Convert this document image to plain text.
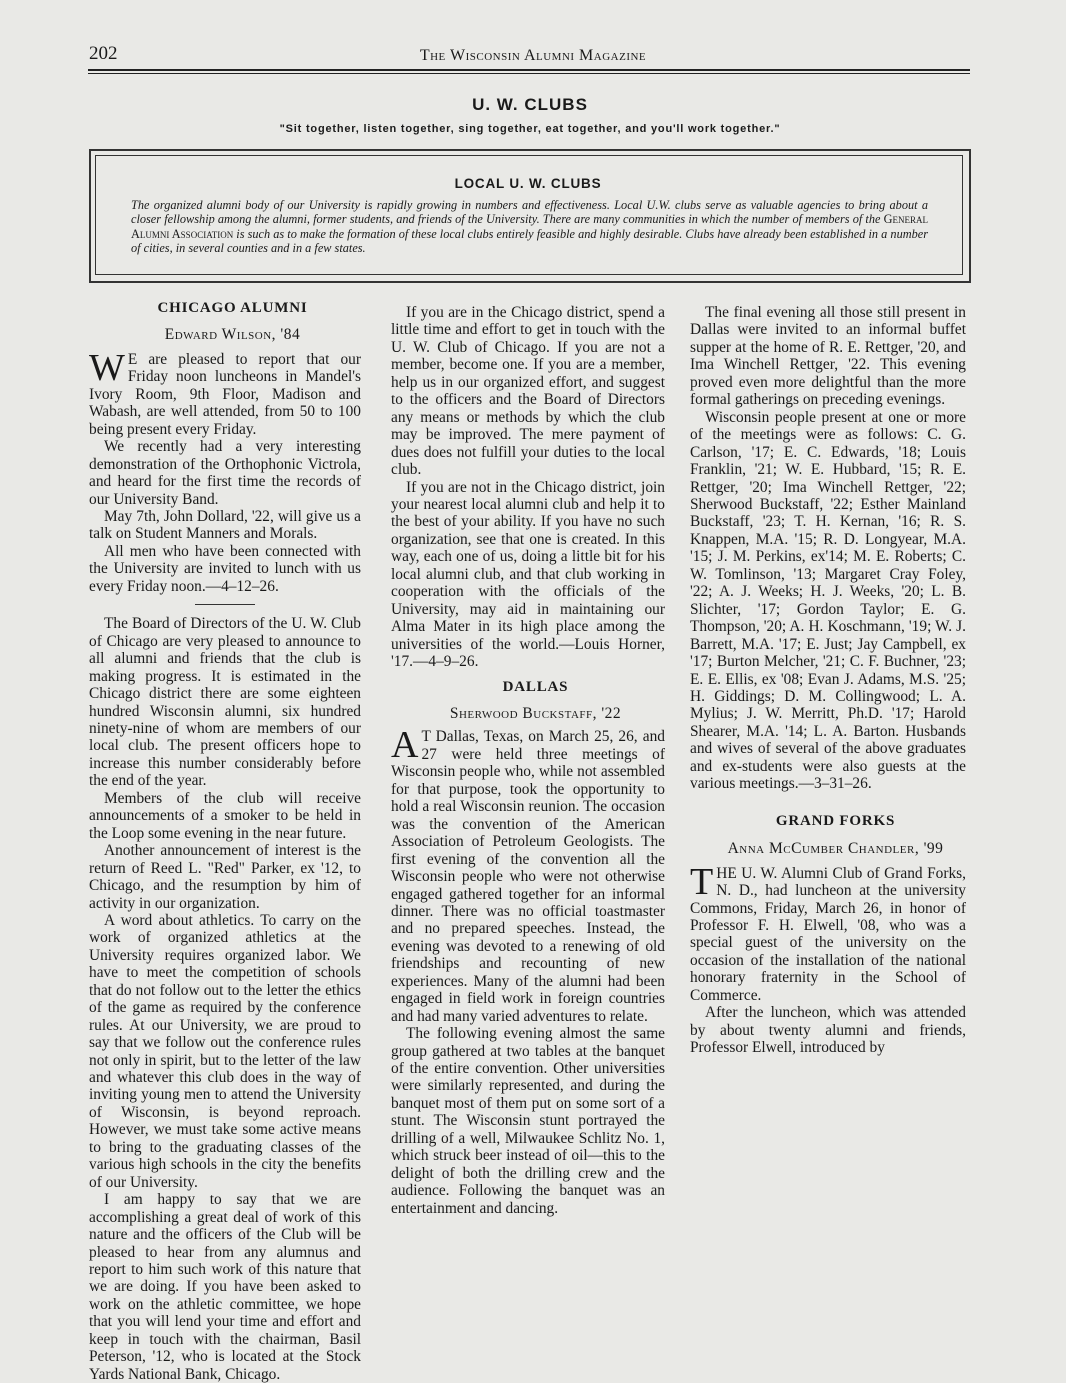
202	The Wisconsin Alumni Magazine
U. W. CLUBS
"Sit together, listen together, sing together, eat together, and you'll work together."
LOCAL U. W. CLUBS
The organized alumni body of our University is rapidly growing in numbers and effectiveness. Local U.W. clubs serve as valuable agencies to bring about a closer fellowship among the alumni, former students, and friends of the University. There are many communities in which the number of members of the General Alumni Association is such as to make the formation of these local clubs entirely feasible and highly desirable. Clubs have already been established in a number of cities, in several counties and in a few states.

CHICAGO ALUMNI

Edward Wilson, '84

W E are pleased to report that our Friday noon luncheons in Mandel's Ivory Room, 9th Floor, Madison and Wabash, are well attended, from 50 to 100 being present every Friday.

We recently had a very interesting demonstration of the Orthophonic Victrola, and heard for the first time the records of our University Band.

May 7th, John Dollard, '22, will give us a talk on Student Manners and Morals.

All men who have been connected with the University are invited to lunch with us every Friday noon.—4–12–26.

The Board of Directors of the U. W. Club of Chicago are very pleased to announce to all alumni and friends that the club is making progress. It is estimated in the Chicago district there are some eighteen hundred Wisconsin alumni, six hundred ninety-nine of whom are members of our local club. The present officers hope to increase this number considerably before the end of the year.

Members of the club will receive announcements of a smoker to be held in the Loop some evening in the near future.

Another announcement of interest is the return of Reed L. "Red" Parker, ex '12, to Chicago, and the resumption by him of activity in our organization.

A word about athletics. To carry on the work of organized athletics at the University requires organized labor. We have to meet the competition of schools that do not follow out to the letter the ethics of the game as required by the conference rules. At our University, we are proud to say that we follow out the conference rules not only in spirit, but to the letter of the law and whatever this club does in the way of inviting young men to attend the University of Wisconsin, is beyond reproach. However, we must take some active means to bring to the graduating classes of the various high schools in the city the benefits of our University.

I am happy to say that we are accomplishing a great deal of work of this nature and the officers of the Club will be pleased to hear from any alumnus and report to him such work of this nature that we are doing. If you have been asked to work on the athletic committee, we hope that you will lend your time and effort and keep in touch with the chairman, Basil Peterson, '12, who is located at the Stock Yards National Bank, Chicago.

If you are in the Chicago district, spend a little time and effort to get in touch with the U. W. Club of Chicago. If you are not a member, become one. If you are a member, help us in our organized effort, and suggest to the officers and the Board of Directors any means or methods by which the club may be improved. The mere payment of dues does not fulfill your duties to the local club.

If you are not in the Chicago district, join your nearest local alumni club and help it to the best of your ability. If you have no such organization, see that one is created. In this way, each one of us, doing a little bit for his local alumni club, and that club working in cooperation with the officials of the University, may aid in maintaining our Alma Mater in its high place among the universities of the world.—Louis Horner, '17.—4–9–26.

DALLAS

Sherwood Buckstaff, '22

A T Dallas, Texas, on March 25, 26, and 27 were held three meetings of Wisconsin people who, while not assembled for that purpose, took the opportunity to hold a real Wisconsin reunion. The occasion was the convention of the American Association of Petroleum Geologists. The first evening of the convention all the Wisconsin people who were not otherwise engaged gathered together for an informal dinner. There was no official toastmaster and no prepared speeches. Instead, the evening was devoted to a renewing of old friendships and recounting of new experiences. Many of the alumni had been engaged in field work in foreign countries and had many varied adventures to relate.

The following evening almost the same group gathered at two tables at the banquet of the entire convention. Other universities were similarly represented, and during the banquet most of them put on some sort of a stunt. The Wisconsin stunt portrayed the drilling of a well, Milwaukee Schlitz No. 1, which struck beer instead of oil—this to the delight of both the drilling crew and the audience. Following the banquet was an entertainment and dancing.

The final evening all those still present in Dallas were invited to an informal buffet supper at the home of R. E. Rettger, '20, and Ima Winchell Rettger, '22. This evening proved even more delightful than the more formal gatherings on preceding evenings.

Wisconsin people present at one or more of the meetings were as follows: C. G. Carlson, '17; E. C. Edwards, '18; Louis Franklin, '21; W. E. Hubbard, '15; R. E. Rettger, '20; Ima Winchell Rettger, '22; Sherwood Buckstaff, '22; Esther Mainland Buckstaff, '23; T. H. Kernan, '16; R. S. Knappen, M.A. '15; R. D. Longyear, M.A. '15; J. M. Perkins, ex'14; M. E. Roberts; C. W. Tomlinson, '13; Margaret Cray Foley, '22; A. J. Weeks; H. J. Weeks, '20; L. B. Slichter, '17; Gordon Taylor; E. G. Thompson, '20; A. H. Koschmann, '19; W. J. Barrett, M.A. '17; E. Just; Jay Campbell, ex '17; Burton Melcher, '21; C. F. Buchner, '23; E. E. Ellis, ex '08; Evan J. Adams, M.S. '25; H. Giddings; D. M. Collingwood; L. A. Mylius; J. W. Merritt, Ph.D. '17; Harold Shearer, M.A. '14; L. A. Barton. Husbands and wives of several of the above graduates and ex-students were also guests at the various meetings.—3–31–26.

GRAND FORKS

Anna McCumber Chandler, '99

THE U. W. Alumni Club of Grand Forks, N. D., had luncheon at the university Commons, Friday, March 26, in honor of Professor F. H. Elwell, '08, who was a special guest of the university on the occasion of the installation of the national honorary fraternity in the School of Commerce.

After the luncheon, which was attended by about twenty alumni and friends, Professor Elwell, introduced by
